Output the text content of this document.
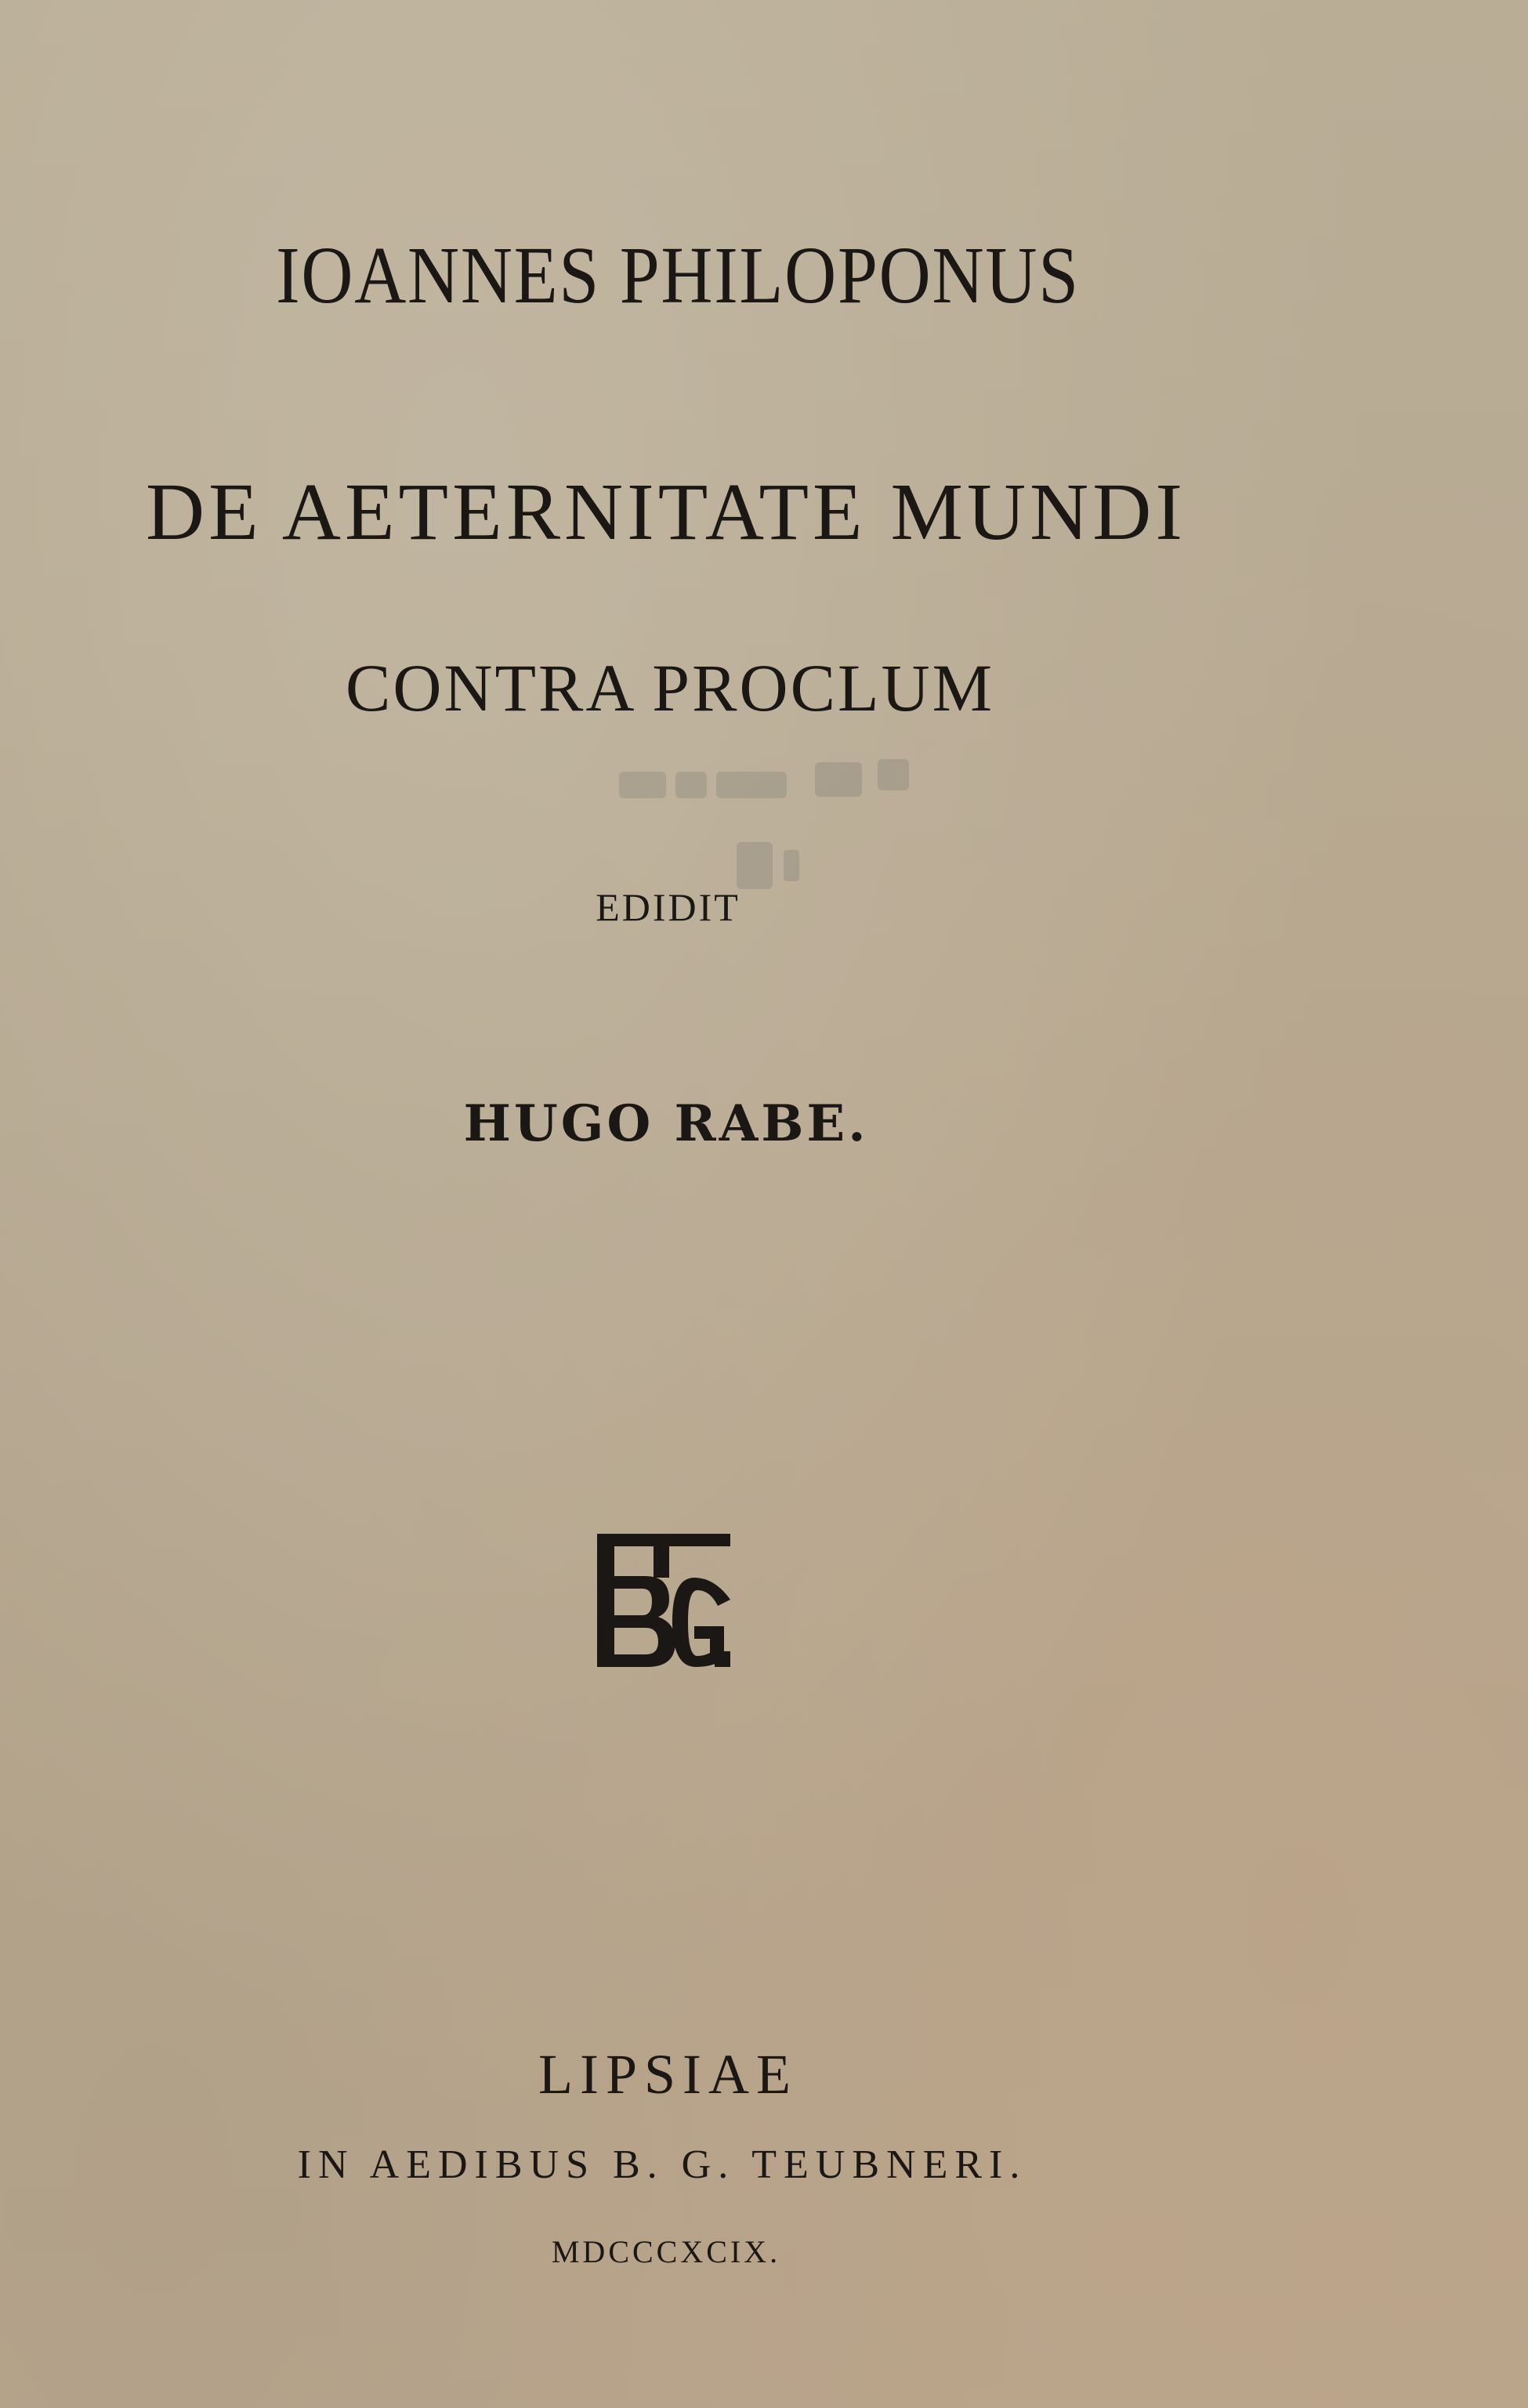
IOANNES PHILOPONUS
DE AETERNITATE MUNDI
CONTRA PROCLUM
EDIDIT
HUGO RABE.
LIPSIAE
IN AEDIBUS B. G. TEUBNERI.
MDCCCXCIX.
